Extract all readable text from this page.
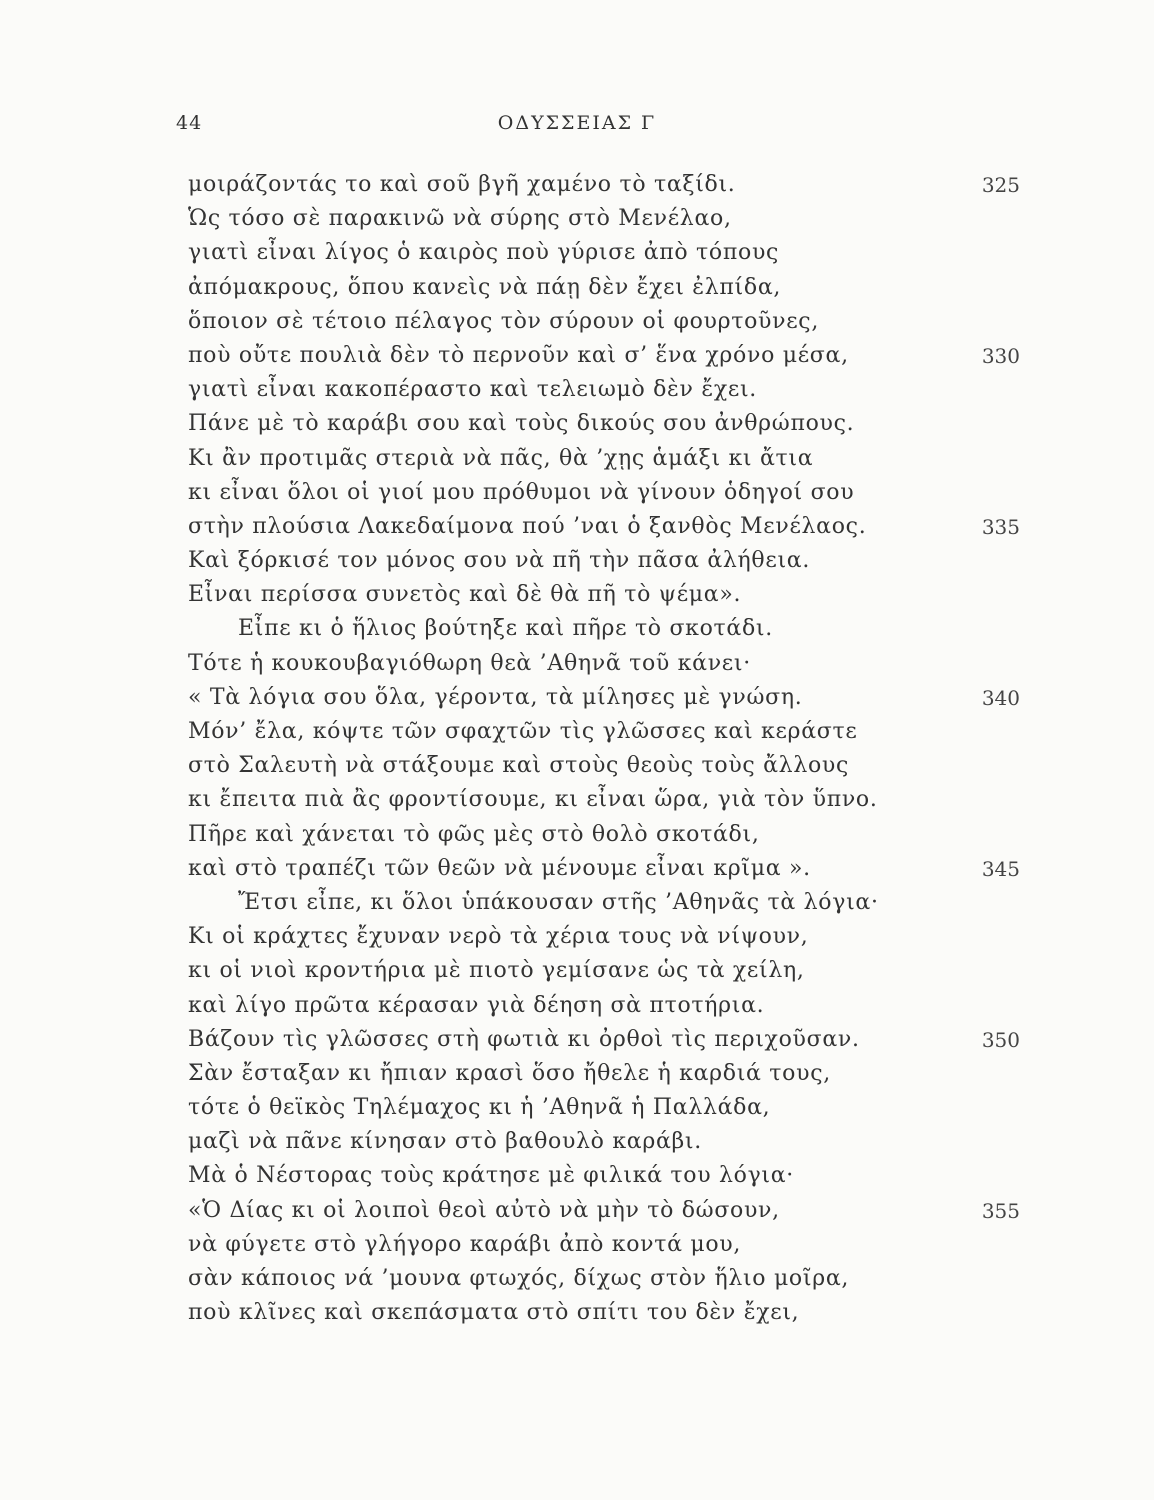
44	ΟΔΥΣΣΕΙΑΣ Γ
μοιράζοντάς το καὶ σοῦ βγῆ χαμένο τὸ ταξίδι.	325
Ὡς τόσο σὲ παρακινῶ νὰ σύρης στὸ Μενέλαο,
γιατὶ εἶναι λίγος ὁ καιρὸς ποὺ γύρισε ἀπὸ τόπους
ἀπόμακρους, ὅπου κανεὶς νὰ πάῃ δὲν ἔχει ἐλπίδα,
ὅποιον σὲ τέτοιο πέλαγος τὸν σύρουν οἱ φουρτοῦνες,
ποὺ οὔτε πουλιὰ δὲν τὸ περνοῦν καὶ σ’ ἕνα χρόνο μέσα,	330
γιατὶ εἶναι κακοπέραστο καὶ τελειωμὸ δὲν ἔχει.
Πάνε μὲ τὸ καράβι σου καὶ τοὺς δικούς σου ἀνθρώπους.
Κι ἂν προτιμᾶς στεριὰ νὰ πᾶς, θὰ ’χῃς ἁμάξι κι ἄτια
κι εἶναι ὅλοι οἱ γιοί μου πρόθυμοι νὰ γίνουν ὁδηγοί σου
στὴν πλούσια Λακεδαίμονα πού ’ναι ὁ ξανθὸς Μενέλαος.	335
Καὶ ξόρκισέ τον μόνος σου νὰ πῆ τὴν πᾶσα ἀλήθεια.
Εἶναι περίσσα συνετὸς καὶ δὲ θὰ πῆ τὸ ψέμα».
Εἶπε κι ὁ ἥλιος βούτηξε καὶ πῆρε τὸ σκοτάδι.
Τότε ἡ κουκουβαγιόθωρη θεὰ ’Αθηνᾶ τοῦ κάνει·
« Τὰ λόγια σου ὅλα, γέροντα, τὰ μίλησες μὲ γνώση.	340
Μόν’ ἔλα, κόψτε τῶν σφαχτῶν τὶς γλῶσσες καὶ κεράστε
στὸ Σαλευτὴ νὰ στάξουμε καὶ στοὺς θεοὺς τοὺς ἄλλους
κι ἔπειτα πιὰ ἂς φροντίσουμε, κι εἶναι ὥρα, γιὰ τὸν ὕπνο.
Πῆρε καὶ χάνεται τὸ φῶς μὲς στὸ θολὸ σκοτάδι,
καὶ στὸ τραπέζι τῶν θεῶν νὰ μένουμε εἶναι κρῖμα ».	345
Ἔτσι εἶπε, κι ὅλοι ὑπάκουσαν στῆς ’Αθηνᾶς τὰ λόγια·
Κι οἱ κράχτες ἔχυναν νερὸ τὰ χέρια τους νὰ νίψουν,
κι οἱ νιοὶ κροντήρια μὲ πιοτὸ γεμίσανε ὡς τὰ χείλη,
καὶ λίγο πρῶτα κέρασαν γιὰ δέηση σὰ πτοτήρια.
Βάζουν τὶς γλῶσσες στὴ φωτιὰ κι ὀρθοὶ τὶς περιχοῦσαν.	350
Σὰν ἔσταξαν κι ἤπιαν κρασὶ ὅσο ἤθελε ἡ καρδιά τους,
τότε ὁ θεϊκὸς Τηλέμαχος κι ἡ ’Αθηνᾶ ἡ Παλλάδα,
μαζὶ νὰ πᾶνε κίνησαν στὸ βαθουλὸ καράβι.
Μὰ ὁ Νέστορας τοὺς κράτησε μὲ φιλικά του λόγια·
«Ὁ Δίας κι οἱ λοιποὶ θεοὶ αὐτὸ νὰ μὴν τὸ δώσουν,	355
νὰ φύγετε στὸ γλήγορο καράβι ἀπὸ κοντά μου,
σὰν κάποιος νά ’μουνα φτωχός, δίχως στὸν ἥλιο μοῖρα,
ποὺ κλῖνες καὶ σκεπάσματα στὸ σπίτι του δὲν ἔχει,
